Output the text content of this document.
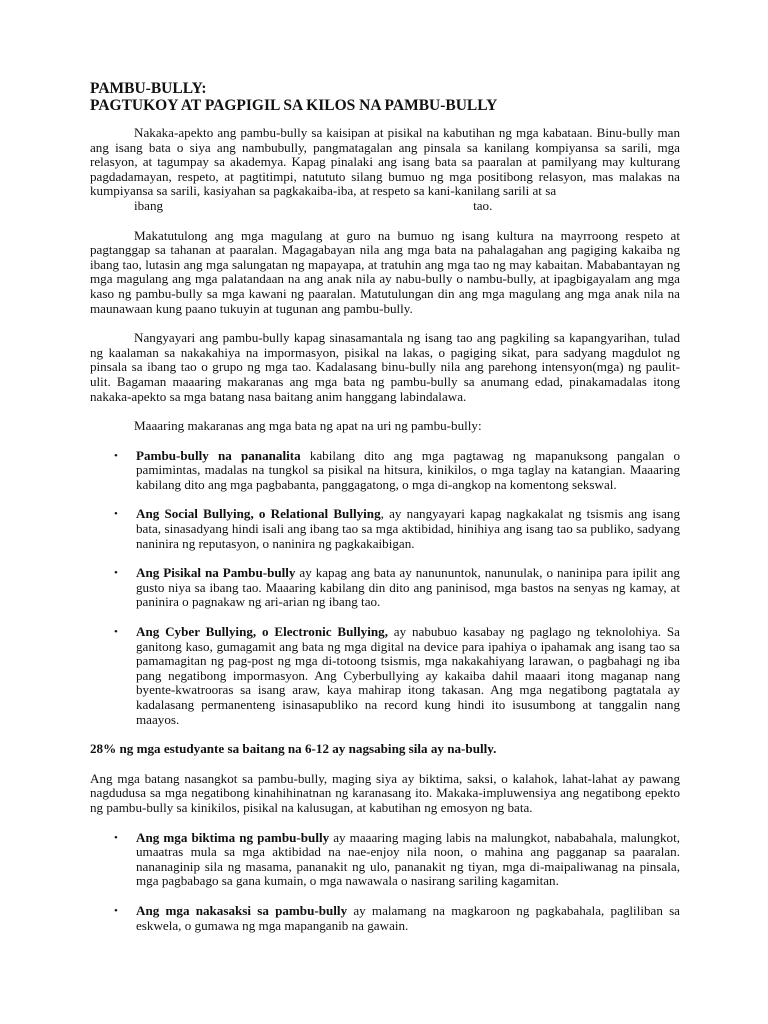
PAMBU-BULLY:
PAGTUKOY AT PAGPIGIL SA KILOS NA PAMBU-BULLY

Nakaka-apekto ang pambu-bully sa kaisipan at pisikal na kabutihan ng mga kabataan. Binu-bully man ang isang bata o siya ang nambubully, pangmatagalan ang pinsala sa kanilang kompiyansa sa sarili, mga relasyon, at tagumpay sa akademya. Kapag pinalaki ang isang bata sa paaralan at pamilyang may kulturang pagdadamayan, respeto, at pagtitimpi, natututo silang bumuo ng mga positibong relasyon, mas malakas na kumpiyansa sa sarili, kasiyahan sa pagkakaiba-iba, at respeto sa kani-kanilang sarili at sa
ibang	tao.

Makatutulong ang mga magulang at guro na bumuo ng isang kultura na mayrroong respeto at pagtanggap sa tahanan at paaralan. Magagabayan nila ang mga bata na pahalagahan ang pagiging kakaiba ng ibang tao, lutasin ang mga salungatan ng mapayapa, at tratuhin ang mga tao ng may kabaitan. Mababantayan ng mga magulang ang mga palatandaan na ang anak nila ay nabu-bully o nambu-bully, at ipagbigayalam ang mga kaso ng pambu-bully sa mga kawani ng paaralan. Matutulungan din ang mga magulang ang mga anak nila na maunawaan kung paano tukuyin at tugunan ang pambu-bully.

Nangyayari ang pambu-bully kapag sinasamantala ng isang tao ang pagkiling sa kapangyarihan, tulad ng kaalaman sa nakakahiya na impormasyon, pisikal na lakas, o pagiging sikat, para sadyang magdulot ng pinsala sa ibang tao o grupo ng mga tao. Kadalasang binu-bully nila ang parehong intensyon(mga) ng paulit-ulit. Bagaman maaaring makaranas ang mga bata ng pambu-bully sa anumang edad, pinakamadalas itong nakaka-apekto sa mga batang nasa baitang anim hanggang labindalawa.

Maaaring makaranas ang mga bata ng apat na uri ng pambu-bully:

• Pambu-bully na pananalita kabilang dito ang mga pagtawag ng mapanuksong pangalan o pamimintas, madalas na tungkol sa pisikal na hitsura, kinikilos, o mga taglay na katangian. Maaaring kabilang dito ang mga pagbabanta, panggagatong, o mga di-angkop na komentong sekswal.
• Ang Social Bullying, o Relational Bullying, ay nangyayari kapag nagkakalat ng tsismis ang isang bata, sinasadyang hindi isali ang ibang tao sa mga aktibidad, hinihiya ang isang tao sa publiko, sadyang naninira ng reputasyon, o naninira ng pagkakaibigan.
• Ang Pisikal na Pambu-bully ay kapag ang bata ay nanununtok, nanunulak, o naninipa para ipilit ang gusto niya sa ibang tao. Maaaring kabilang din dito ang paninisod, mga bastos na senyas ng kamay, at paninira o pagnakaw ng ari-arian ng ibang tao.
• Ang Cyber Bullying, o Electronic Bullying, ay nabubuo kasabay ng paglago ng teknolohiya. Sa ganitong kaso, gumagamit ang bata ng mga digital na device para ipahiya o ipahamak ang isang tao sa pamamagitan ng pag-post ng mga di-totoong tsismis, mga nakakahiyang larawan, o pagbahagi ng iba pang negatibong impormasyon. Ang Cyberbullying ay kakaiba dahil maaari itong maganap nang byente-kwatrooras sa isang araw, kaya mahirap itong takasan. Ang mga negatibong pagtatala ay kadalasang permanenteng isinasapubliko na record kung hindi ito isusumbong at tanggalin nang maayos.

28% ng mga estudyante sa baitang na 6-12 ay nagsabing sila ay na-bully.

Ang mga batang nasangkot sa pambu-bully, maging siya ay biktima, saksi, o kalahok, lahat-lahat ay pawang nagdudusa sa mga negatibong kinahihinatnan ng karanasang ito. Makaka-impluwensiya ang negatibong epekto ng pambu-bully sa kinikilos, pisikal na kalusugan, at kabutihan ng emosyon ng bata.

• Ang mga biktima ng pambu-bully ay maaaring maging labis na malungkot, nababahala, malungkot, umaatras mula sa mga aktibidad na nae-enjoy nila noon, o mahina ang pagganap sa paaralan. nananaginip sila ng masama, pananakit ng ulo, pananakit ng tiyan, mga di-maipaliwanag na pinsala, mga pagbabago sa gana kumain, o mga nawawala o nasirang sariling kagamitan.
• Ang mga nakasaksi sa pambu-bully ay malamang na magkaroon ng pagkabahala, pagliliban sa eskwela, o gumawa ng mga mapanganib na gawain.
